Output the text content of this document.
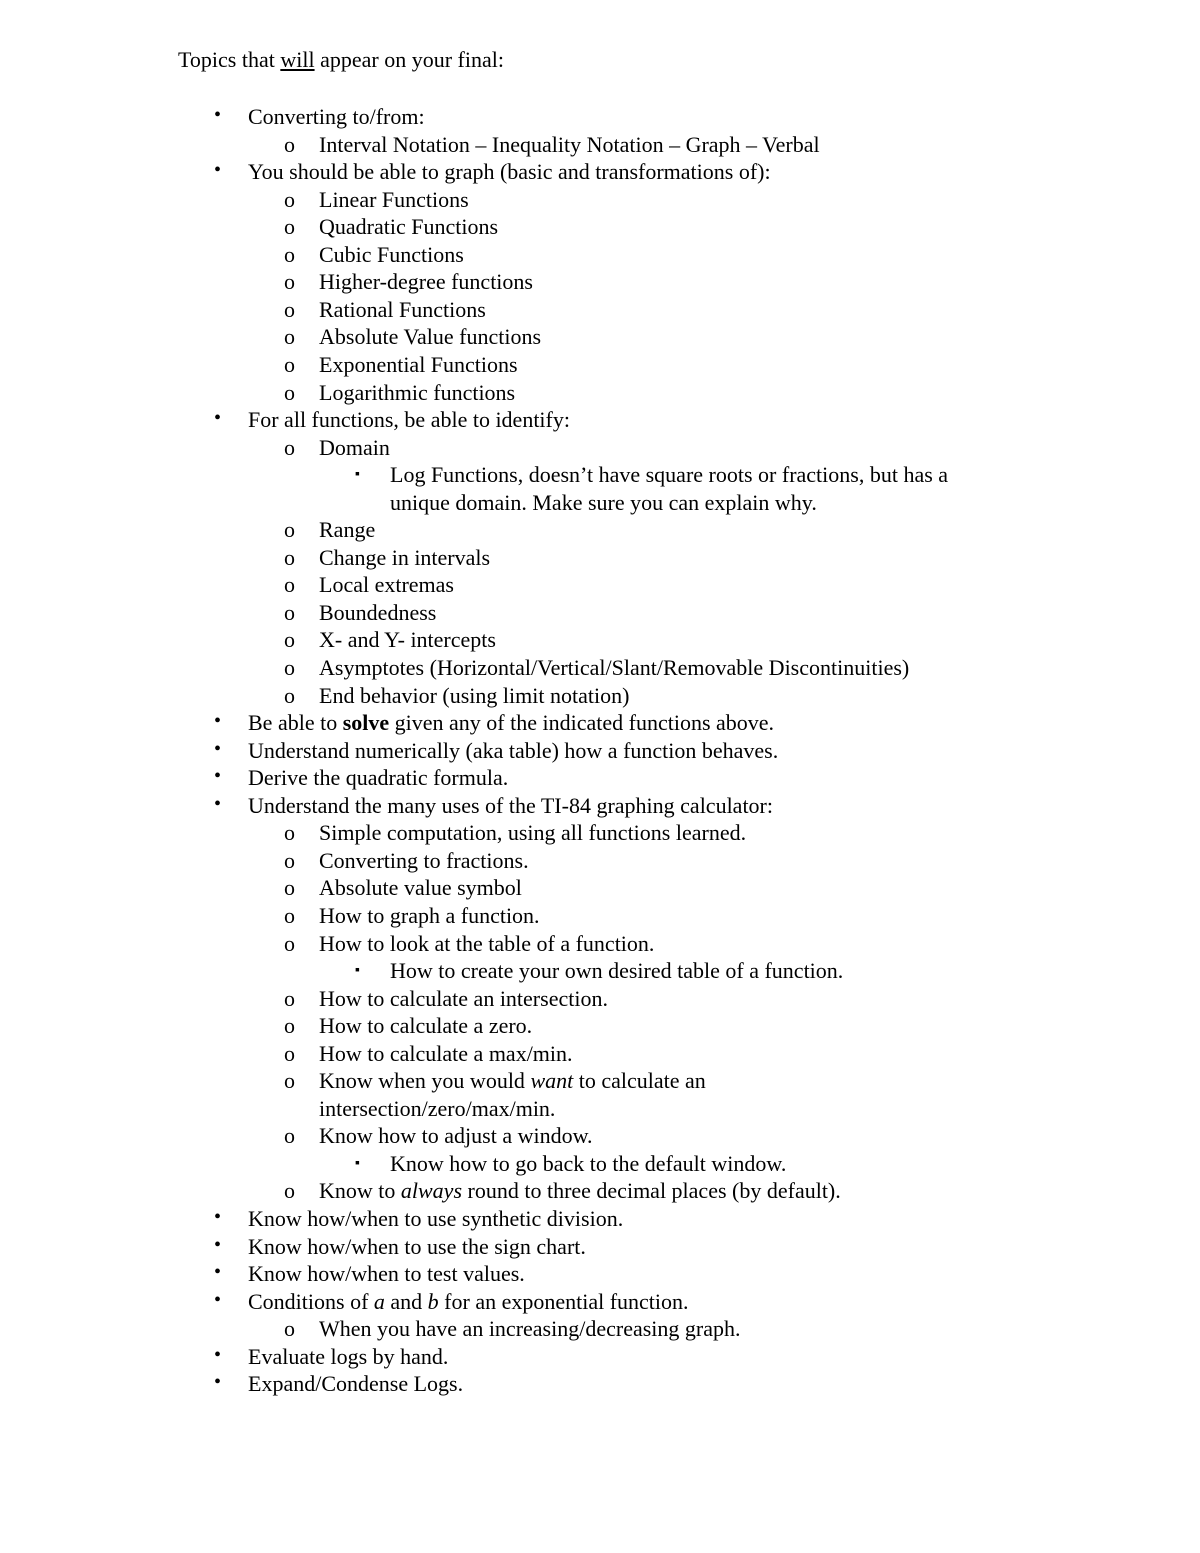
Topics that will appear on your final:
• Converting to/from:
o Interval Notation – Inequality Notation – Graph – Verbal
• You should be able to graph (basic and transformations of):
o Linear Functions
o Quadratic Functions
o Cubic Functions
o Higher-degree functions
o Rational Functions
o Absolute Value functions
o Exponential Functions
o Logarithmic functions
• For all functions, be able to identify:
o Domain
▪ Log Functions, doesn’t have square roots or fractions, but has a
unique domain. Make sure you can explain why.
o Range
o Change in intervals
o Local extremas
o Boundedness
o X- and Y- intercepts
o Asymptotes (Horizontal/Vertical/Slant/Removable Discontinuities)
o End behavior (using limit notation)
• Be able to solve given any of the indicated functions above.
• Understand numerically (aka table) how a function behaves.
• Derive the quadratic formula.
• Understand the many uses of the TI-84 graphing calculator:
o Simple computation, using all functions learned.
o Converting to fractions.
o Absolute value symbol
o How to graph a function.
o How to look at the table of a function.
▪ How to create your own desired table of a function.
o How to calculate an intersection.
o How to calculate a zero.
o How to calculate a max/min.
o Know when you would want to calculate an
intersection/zero/max/min.
o Know how to adjust a window.
▪ Know how to go back to the default window.
o Know to always round to three decimal places (by default).
• Know how/when to use synthetic division.
• Know how/when to use the sign chart.
• Know how/when to test values.
• Conditions of a and b for an exponential function.
o When you have an increasing/decreasing graph.
• Evaluate logs by hand.
• Expand/Condense Logs.
